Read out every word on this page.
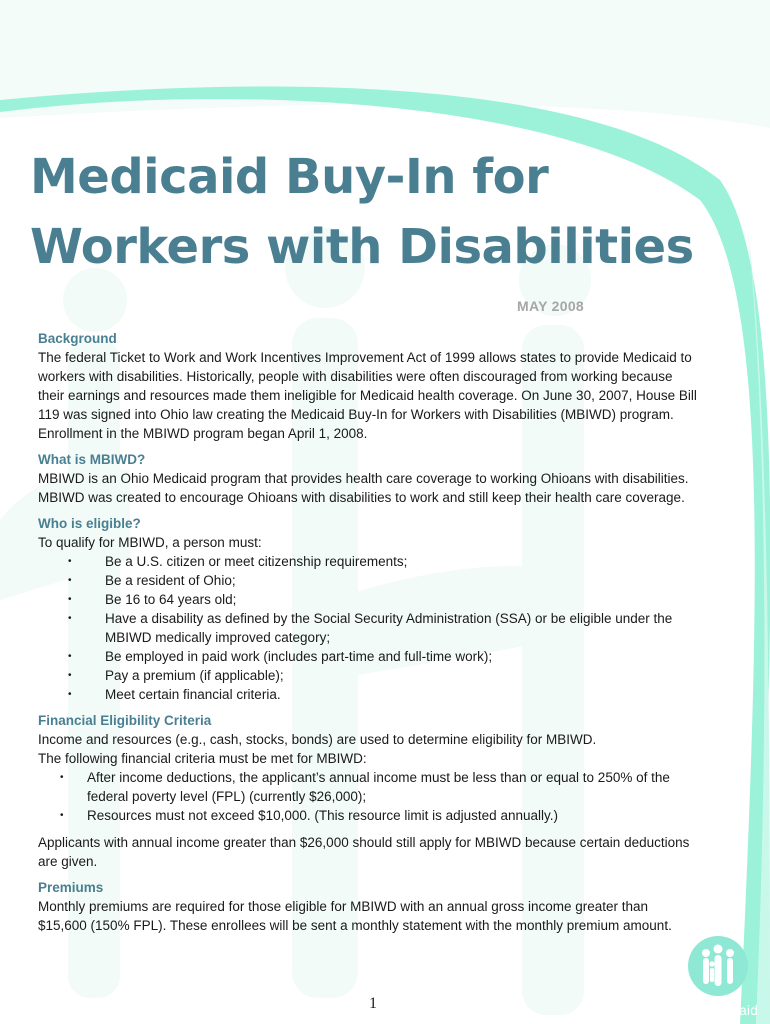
Medicaid Buy-In for Workers with Disabilities
MAY 2008
Background

The federal Ticket to Work and Work Incentives Improvement Act of 1999 allows states to provide Medicaid to workers with disabilities. Historically, people with disabilities were often discouraged from working because their earnings and resources made them ineligible for Medicaid health coverage. On June 30, 2007, House Bill 119 was signed into Ohio law creating the Medicaid Buy-In for Workers with Disabilities (MBIWD) program. Enrollment in the MBIWD program began April 1, 2008.

What is MBIWD?

MBIWD is an Ohio Medicaid program that provides health care coverage to working Ohioans with disabilities. MBIWD was created to encourage Ohioans with disabilities to work and still keep their health care coverage.

Who is eligible?

To qualify for MBIWD, a person must:

• Be a U.S. citizen or meet citizenship requirements;
• Be a resident of Ohio;
• Be 16 to 64 years old;
• Have a disability as defined by the Social Security Administration (SSA) or be eligible under the MBIWD medically improved category;
• Be employed in paid work (includes part-time and full-time work);
• Pay a premium (if applicable);
• Meet certain financial criteria.
Financial Eligibility Criteria
Income and resources (e.g., cash, stocks, bonds) are used to determine eligibility for MBIWD.
The following financial criteria must be met for MBIWD:
• After income deductions, the applicant’s annual income must be less than or equal to 250% of the federal poverty level (FPL) (currently $26,000);
• Resources must not exceed $10,000. (This resource limit is adjusted annually.)

Applicants with annual income greater than $26,000 should still apply for MBIWD because certain deductions are given.

Premiums

Monthly premiums are required for those eligible for MBIWD with an annual gross income greater than $15,600 (150% FPL). These enrollees will be sent a monthly statement with the monthly premium amount.

1	ohio medicaid
